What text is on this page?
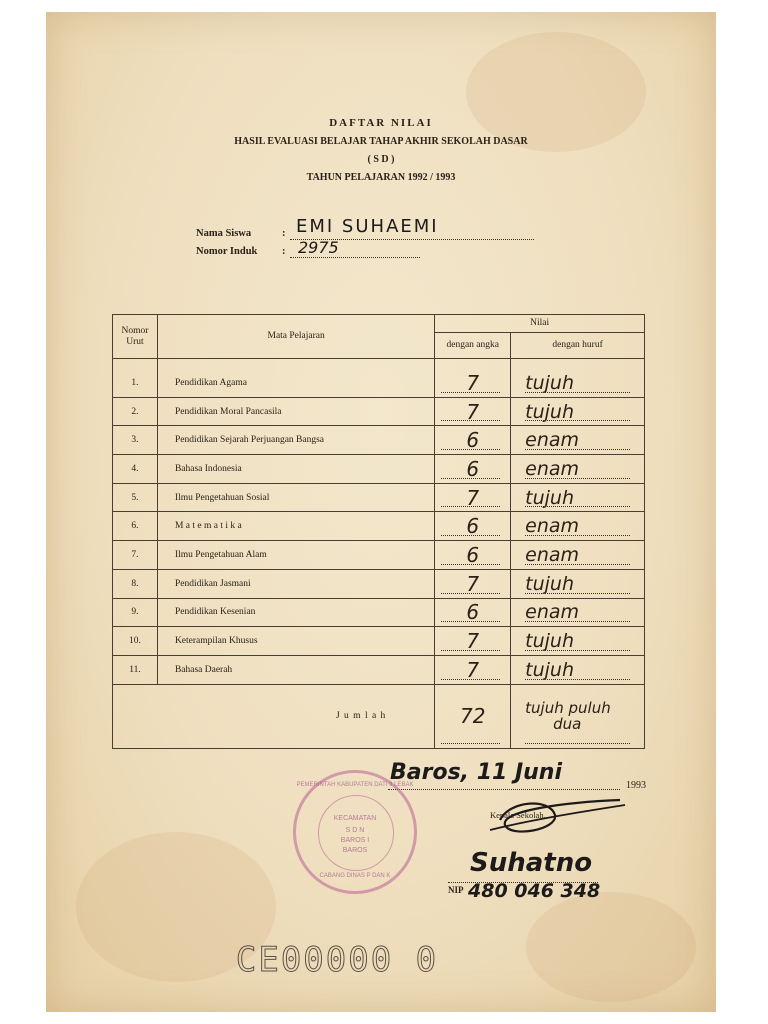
DAFTAR NILAI
HASIL EVALUASI BELAJAR TAHAP AKHIR SEKOLAH DASAR
( S D )
TAHUN PELAJARAN 1992 / 1993
Nama Siswa	: EMI SUHAEMI
Nomor Induk : 2975
Nomor Urut	Mata Pelajaran	Nilai	
		dengan angka	dengan huruf
1.	Pendidikan Agama	7	tujuh
2.	Pendidikan Moral Pancasila	7	tujuh
3.	Pendidikan Sejarah Perjuangan Bangsa	6	enam
4.	Bahasa Indonesia	6	enam
5.	Ilmu Pengetahuan Sosial	7	tujuh
6.	M a t e m a t i k a	6	enam
7.	Ilmu Pengetahuan Alam	6	enam
8.	Pendidikan Jasmani	7	tujuh
9.	Pendidikan Kesenian	6	enam
10.	Keterampilan Khusus	7	tujuh
11.	Bahasa Daerah	7	tujuh
J u m l a h		72	tujuh puluh
dua
Baros, 11 Juni
1993
Kepala Sekolah,
PEMERINTAH KABUPATEN DATI II LEBAK
KECAMATAN
S D N
BAROS I
BAROS
CABANG DINAS P DAN K	Suhatno
NIP 480 046 348
CE00000 0
